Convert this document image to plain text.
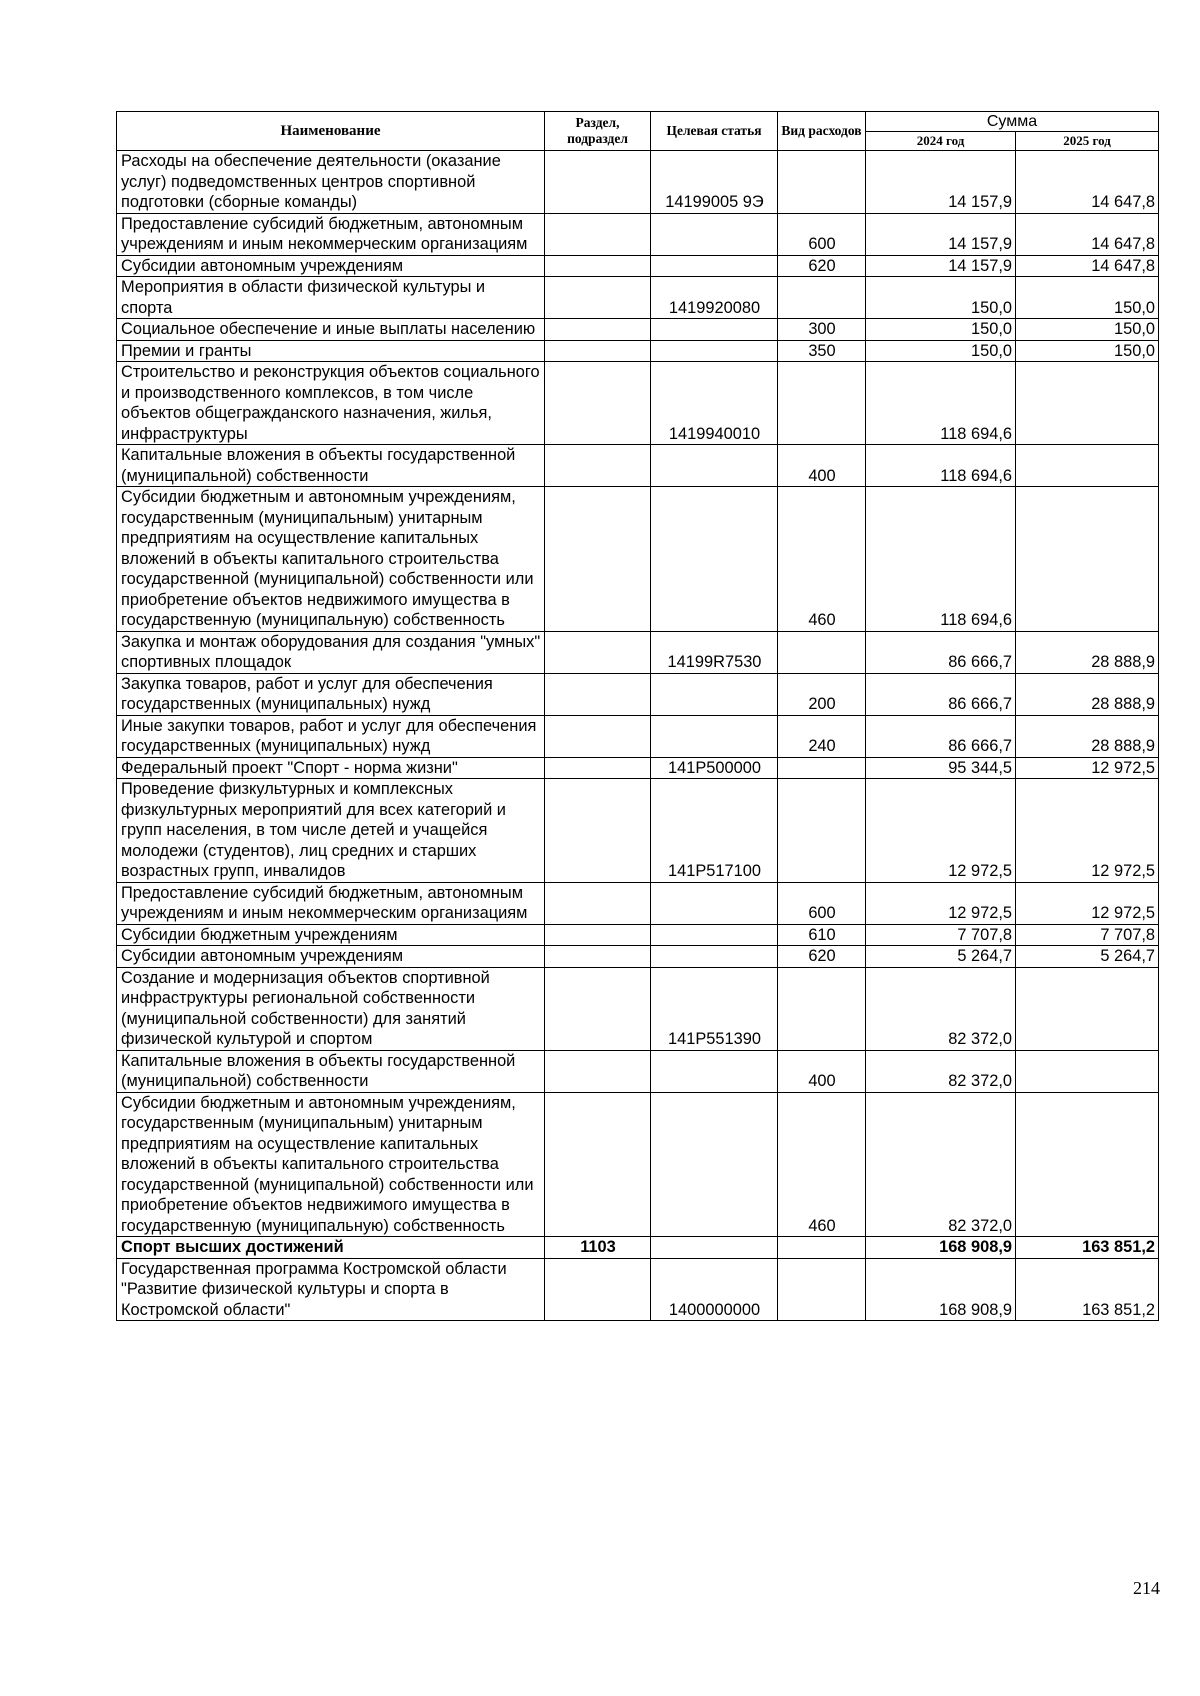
Наименование	Раздел, подраздел	Целевая статья	Вид расходов	Сумма	
				2024 год	2025 год
Расходы на обеспечение деятельности (оказание услуг) подведомственных центров спортивной подготовки (сборные команды)		14199005 9Э		14 157,9	14 647,8
Предоставление субсидий бюджетным, автономным учреждениям и иным некоммерческим организациям			600	14 157,9	14 647,8
Субсидии автономным учреждениям			620	14 157,9	14 647,8
Мероприятия в области физической культуры и спорта		1419920080		150,0	150,0
Социальное обеспечение и иные выплаты населению			300	150,0	150,0
Премии и гранты			350	150,0	150,0
Строительство и реконструкция объектов социального и производственного комплексов, в том числе объектов общегражданского назначения, жилья, инфраструктуры		1419940010		118 694,6	
Капитальные вложения в объекты государственной (муниципальной) собственности			400	118 694,6	
Субсидии бюджетным и автономным учреждениям, государственным (муниципальным) унитарным предприятиям на осуществление капитальных вложений в объекты капитального строительства государственной (муниципальной) собственности или приобретение объектов недвижимого имущества в государственную (муниципальную) собственность			460	118 694,6	
Закупка и монтаж оборудования для создания "умных" спортивных площадок		14199R7530		86 666,7	28 888,9
Закупка товаров, работ и услуг для обеспечения государственных (муниципальных) нужд			200	86 666,7	28 888,9
Иные закупки товаров, работ и услуг для обеспечения государственных (муниципальных) нужд			240	86 666,7	28 888,9
Федеральный проект "Спорт - норма жизни"		141P500000		95 344,5	12 972,5
Проведение физкультурных и комплексных физкультурных мероприятий для всех категорий и групп населения, в том числе детей и учащейся молодежи (студентов), лиц средних и старших возрастных групп, инвалидов		141P517100		12 972,5	12 972,5
Предоставление субсидий бюджетным, автономным учреждениям и иным некоммерческим организациям			600	12 972,5	12 972,5
Субсидии бюджетным учреждениям			610	7 707,8	7 707,8
Субсидии автономным учреждениям			620	5 264,7	5 264,7
Создание и модернизация объектов спортивной инфраструктуры региональной собственности (муниципальной собственности) для занятий физической культурой и спортом		141P551390		82 372,0	
Капитальные вложения в объекты государственной (муниципальной) собственности			400	82 372,0	
Субсидии бюджетным и автономным учреждениям, государственным (муниципальным) унитарным предприятиям на осуществление капитальных вложений в объекты капитального строительства государственной (муниципальной) собственности или приобретение объектов недвижимого имущества в государственную (муниципальную) собственность			460	82 372,0	
Спорт высших достижений	1103			168 908,9	163 851,2
Государственная программа Костромской области "Развитие физической культуры и спорта в Костромской области"		1400000000		168 908,9	163 851,2
214
